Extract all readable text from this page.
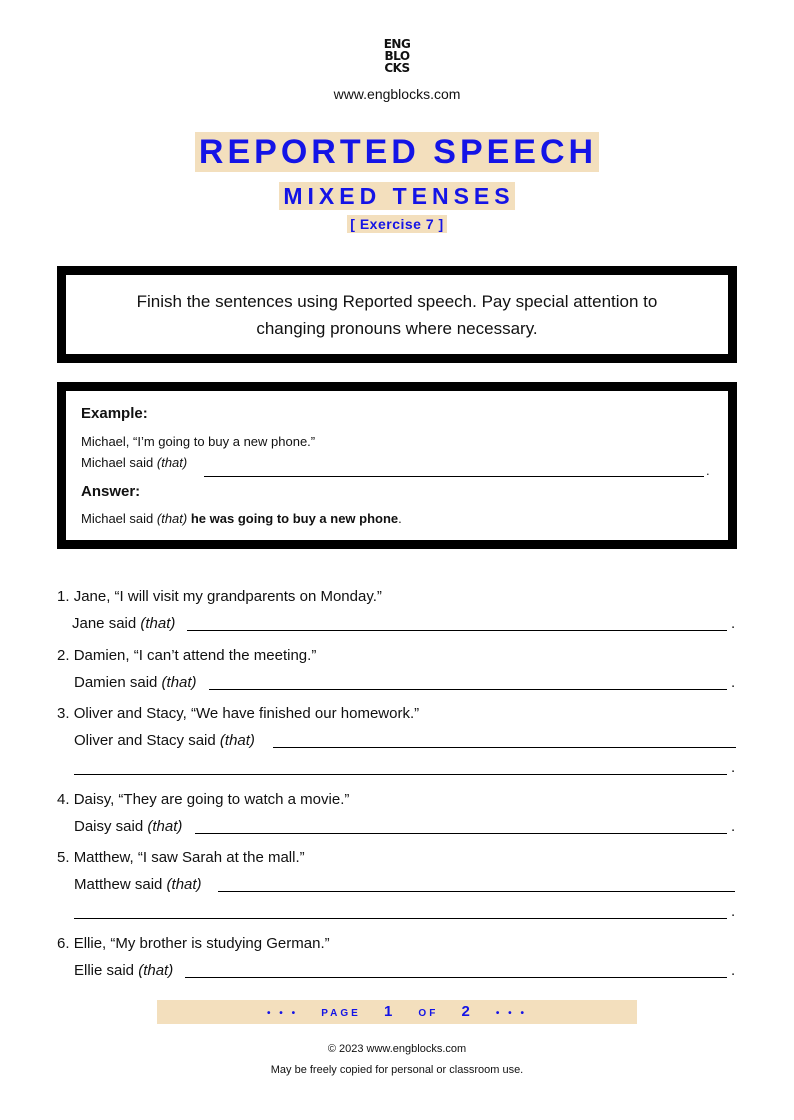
ENG
BLO
CKS
www.engblocks.com
REPORTED SPEECH
MIXED TENSES
[ Exercise 7 ]
Finish the sentences using Reported speech. Pay special attention to changing pronouns where necessary.
Example:
Michael, “I’m going to buy a new phone.”
Michael said (that)
.
Answer:
Michael said (that) he was going to buy a new phone.
1. Jane, “I will visit my grandparents on Monday.”
Jane said (that)	.
2. Damien, “I can’t attend the meeting.”
Damien said (that)	.
3. Oliver and Stacy, “We have finished our homework.”
Oliver and Stacy said (that)
.
4. Daisy, “They are going to watch a movie.”
Daisy said (that)	.
5. Matthew, “I saw Sarah at the mall.”
Matthew said (that)
.
6. Ellie, “My brother is studying German.”
Ellie said (that)	.
• • • PAGE 1 OF 2 • • •
© 2023 www.engblocks.com
May be freely copied for personal or classroom use.
